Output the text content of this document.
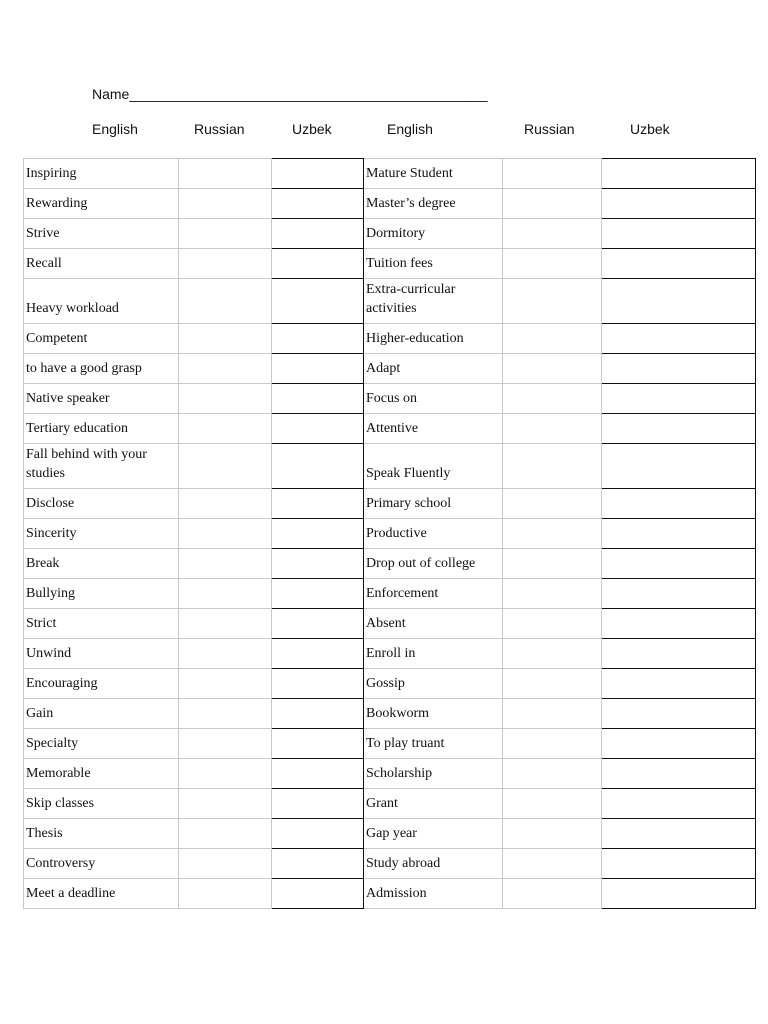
Name______________________________________________
English	Russian	Uzbek	English	Russian	Uzbek
Inspiring			Mature Student		
Rewarding			Master’s degree		
Strive			Dormitory		
Recall			Tuition fees		
Heavy workload			Extra-curricular activities		
Competent			Higher-education		
to have a good grasp			Adapt		
Native speaker			Focus on		
Tertiary education			Attentive		
Fall behind with your studies			Speak Fluently		
Disclose			Primary school		
Sincerity			Productive		
Break			Drop out of college		
Bullying			Enforcement		
Strict			Absent		
Unwind			Enroll in		
Encouraging			Gossip		
Gain			Bookworm		
Specialty			To play truant		
Memorable			Scholarship		
Skip classes			Grant		
Thesis			Gap year		
Controversy			Study abroad		
Meet a deadline			Admission		
